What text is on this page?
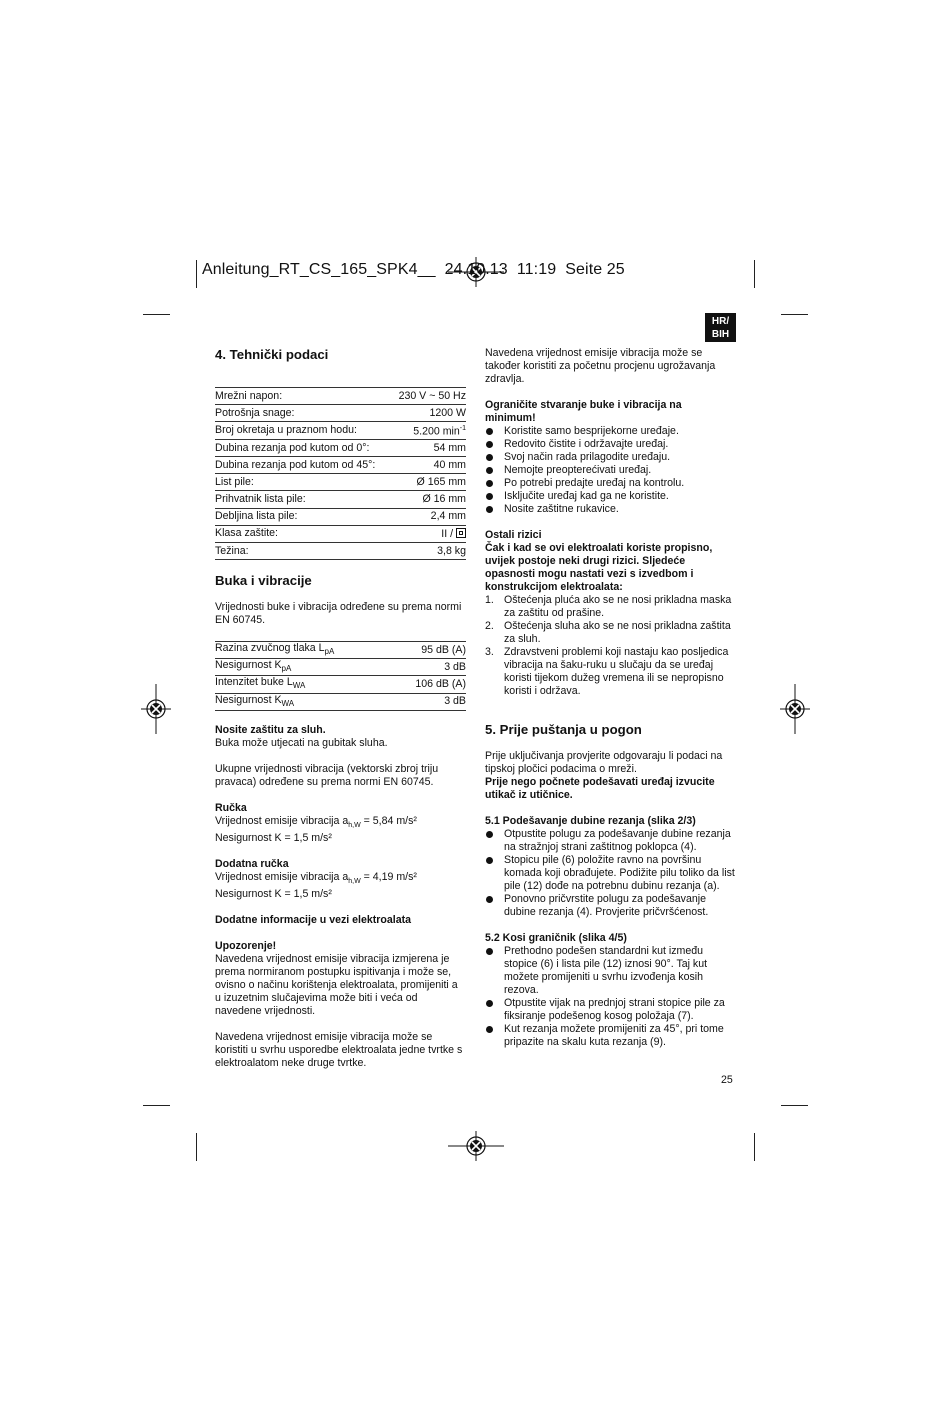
Anleitung_RT_CS_165_SPK4__  24.10.13  11:19  Seite 25
HR/
BIH
4. Tehnički podaci
Mrežni napon:	230 V ~ 50 Hz
Potrošnja snage:	1200 W
Broj okretaja u praznom hodu:	5.200 $\min^{-1}$
Dubina rezanja pod kutom od 0°:	54 mm
Dubina rezanja pod kutom od 45°:	40 mm
List pile:	Ø 165 mm
Prihvatnik lista pile:	Ø 16 mm
Debljina lista pile:	2,4 mm
Klasa zaštite:	II /
Težina:	3,8 kg
Buka i vibracije

Vrijednosti buke i vibracija određene su prema normi EN 60745.

Razina zvučnog tlaka $L_{pA}$	95 dB (A)
Nesigurnost $K_{pA}$	3 dB
Intenzitet buke $L_{WA}$	106 dB (A)
Nesigurnost $K_{WA}$	3 dB

Nosite zaštitu za sluh.

Buka može utjecati na gubitak sluha.

Ukupne vrijednosti vibracija (vektorski zbroj triju pravaca) određene su prema normi EN 60745.

Ručka

Vrijednost emisije vibracija $a_{h,W} = 5,84$ m/s²

Nesigurnost K = 1,5 m/s²

Dodatna ručka

Vrijednost emisije vibracija $a_{h,W} = 4,19$ m/s²

Nesigurnost K = 1,5 m/s²

Dodatne informacije u vezi elektroalata

Upozorenje!

Navedena vrijednost emisije vibracija izmjerena je prema normiranom postupku ispitivanja i može se, ovisno o načinu korištenja elektroalata, promijeniti a u izuzetnim slučajevima može biti i veća od navedene vrijednosti.

Navedena vrijednost emisije vibracija može se koristiti u svrhu usporedbe elektroalata jedne tvrtke s elektroalatom neke druge tvrtke.

Navedena vrijednost emisije vibracija može se također koristiti za početnu procjenu ugrožavanja zdravlja.

Ograničite stvaranje buke i vibracija na minimum!

Koristite samo besprijekorne uređaje.
Redovito čistite i održavajte uređaj.
Svoj način rada prilagodite uređaju.
Nemojte preopterećivati uređaj.
Po potrebi predajte uređaj na kontrolu.
Isključite uređaj kad ga ne koristite.
Nosite zaštitne rukavice.

Ostali rizici

Čak i kad se ovi elektroalati koriste propisno, uvijek postoje neki drugi rizici. Sljedeće opasnosti mogu nastati vezi s izvedbom i konstrukcijom elektroalata:

1. Oštećenja pluća ako se ne nosi prikladna maska za zaštitu od prašine.
2. Oštećenja sluha ako se ne nosi prikladna zaštita za sluh.
3. Zdravstveni problemi koji nastaju kao posljedica vibracija na šaku-ruku u slučaju da se uređaj koristi tijekom dužeg vremena ili se nepropisno koristi i održava.
5. Prije puštanja u pogon

Prije uključivanja provjerite odgovaraju li podaci na tipskoj pločici podacima o mreži.

Prije nego počnete podešavati uređaj izvucite utikač iz utičnice.

5.1 Podešavanje dubine rezanja (slika 2/3)

Otpustite polugu za podešavanje dubine rezanja na stražnjoj strani zaštitnog poklopca (4).
Stopicu pile (6) položite ravno na površinu komada koji obrađujete. Podižite pilu toliko da list pile (12) dođe na potrebnu dubinu rezanja (a).
Ponovno pričvrstite polugu za podešavanje dubine rezanja (4). Provjerite pričvršćenost.

5.2 Kosi graničnik (slika 4/5)

Prethodno podešen standardni kut između stopice (6) i lista pile (12) iznosi 90°. Taj kut možete promijeniti u svrhu izvođenja kosih rezova.
Otpustite vijak na prednjoj strani stopice pile za fiksiranje podešenog kosog položaja (7).
Kut rezanja možete promijeniti za 45°, pri tome pripazite na skalu kuta rezanja (9).
25
